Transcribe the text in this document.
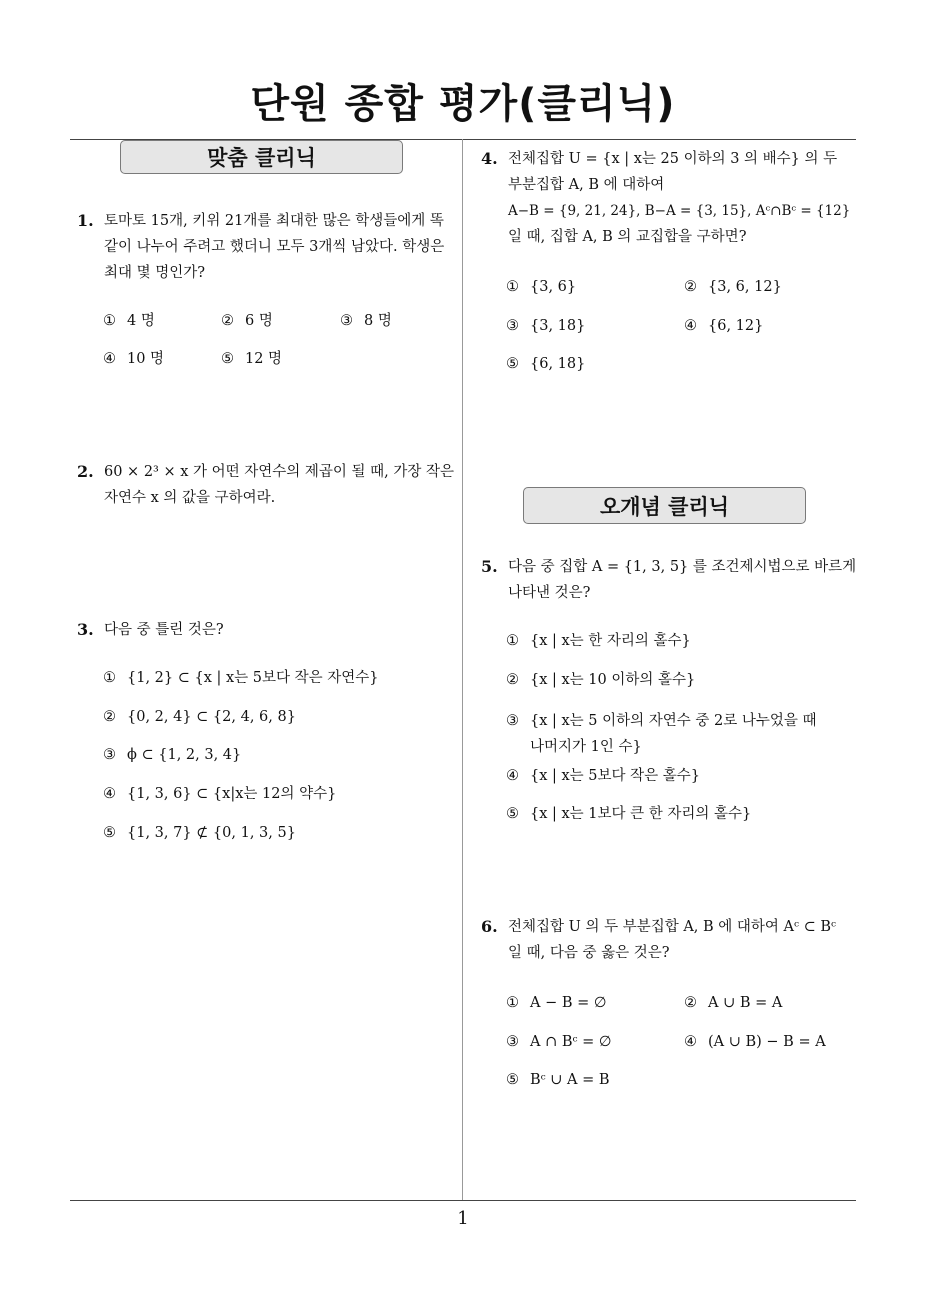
단원 종합 평가(클리닉)
맞춤 클리닉
오개념 클리닉
1. 토마토 15개, 키위 21개를 최대한 많은 학생들에게 똑
같이 나누어 주려고 했더니 모두 3개씩 남았다. 학생은
최대 몇 명인가?
① 4 명	② 6 명	③ 8 명
④ 10 명	⑤ 12 명
2. 60 × 2³ × x 가 어떤 자연수의 제곱이 될 때, 가장 작은
자연수 x 의 값을 구하여라.
3. 다음 중 틀린 것은?
① {1, 2} ⊂ {x | x는 5보다 작은 자연수}
② {0, 2, 4} ⊂ {2, 4, 6, 8}
③ ϕ ⊂ {1, 2, 3, 4}
④ {1, 3, 6} ⊂ {x|x는 12의 약수}
⑤ {1, 3, 7} ⊄ {0, 1, 3, 5}
4. 전체집합 U = {x | x는 25 이하의 3 의 배수} 의 두
부분집합 A, B 에 대하여
A−B = {9, 21, 24}, B−A = {3, 15}, Aᶜ∩Bᶜ = {12}
일 때, 집합 A, B 의 교집합을 구하면?
① {3, 6}	② {3, 6, 12}
③ {3, 18}	④ {6, 12}
⑤ {6, 18}
5. 다음 중 집합 A = {1, 3, 5} 를 조건제시법으로 바르게
나타낸 것은?
① {x | x는 한 자리의 홀수}
② {x | x는 10 이하의 홀수}
③ {x | x는 5 이하의 자연수 중 2로 나누었을 때
나머지가 1인 수}
④ {x | x는 5보다 작은 홀수}
⑤ {x | x는 1보다 큰 한 자리의 홀수}
6. 전체집합 U 의 두 부분집합 A, B 에 대하여 Aᶜ ⊂ Bᶜ
일 때, 다음 중 옳은 것은?
① A − B = ∅	② A ∪ B = A
③ A ∩ Bᶜ = ∅	④ (A ∪ B) − B = A
⑤ Bᶜ ∪ A = B
1
